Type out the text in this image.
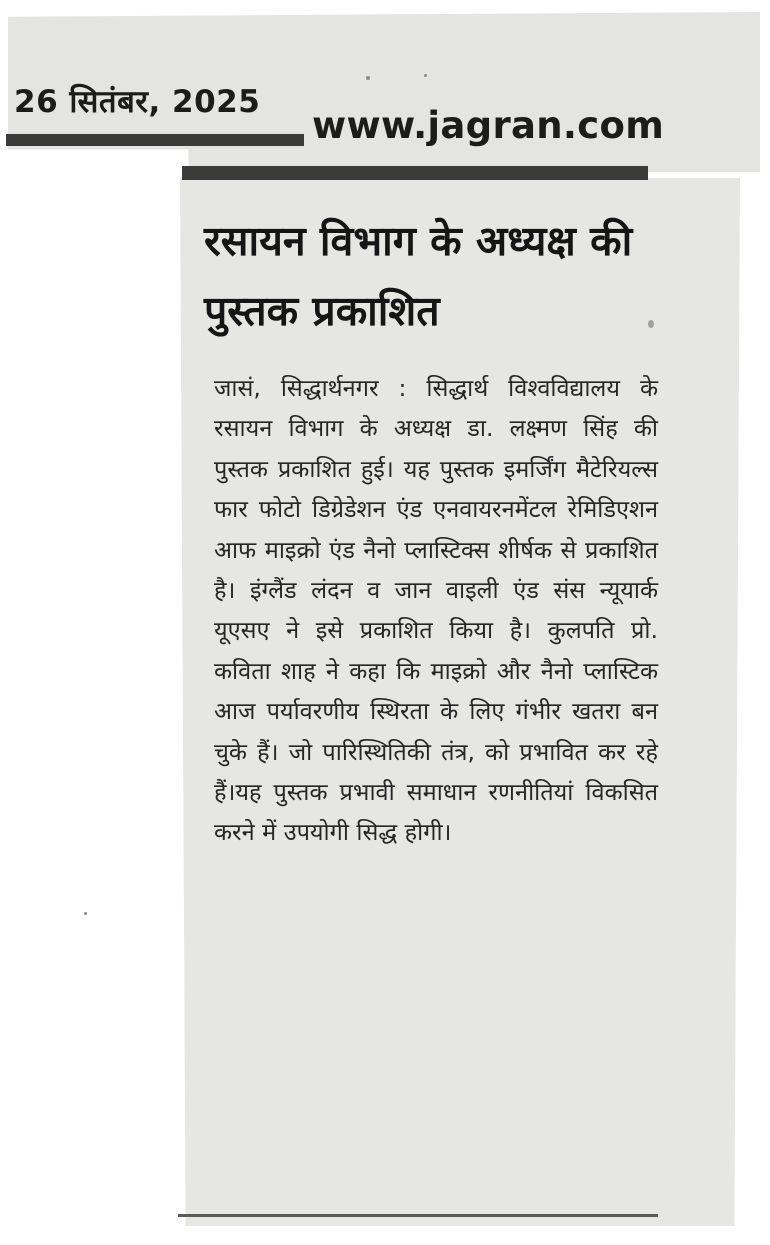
26 सितंबर, 2025
www.jagran.com
रसायन विभाग के अध्यक्ष की पुस्तक प्रकाशित

जासं, सिद्धार्थनगर : सिद्धार्थ विश्वविद्यालय के रसायन विभाग के अध्यक्ष डा. लक्ष्मण सिंह की पुस्तक प्रकाशित हुई। यह पुस्तक इमर्जिंग मैटेरियल्स फार फोटो डिग्रेडेशन एंड एनवायरनमेंटल रेमिडिएशन आफ माइक्रो एंड नैनो प्लास्टिक्स शीर्षक से प्रकाशित है। इंग्लैंड लंदन व जान वाइली एंड संस न्यूयार्क यूएसए ने इसे प्रकाशित किया है। कुलपति प्रो. कविता शाह ने कहा कि माइक्रो और नैनो प्लास्टिक आज पर्यावरणीय स्थिरता के लिए गंभीर खतरा बन चुके हैं। जो पारिस्थितिकी तंत्र, को प्रभावित कर रहे हैं।यह पुस्तक प्रभावी समाधान रणनीतियां विकसित करने में उपयोगी सिद्ध होगी।
